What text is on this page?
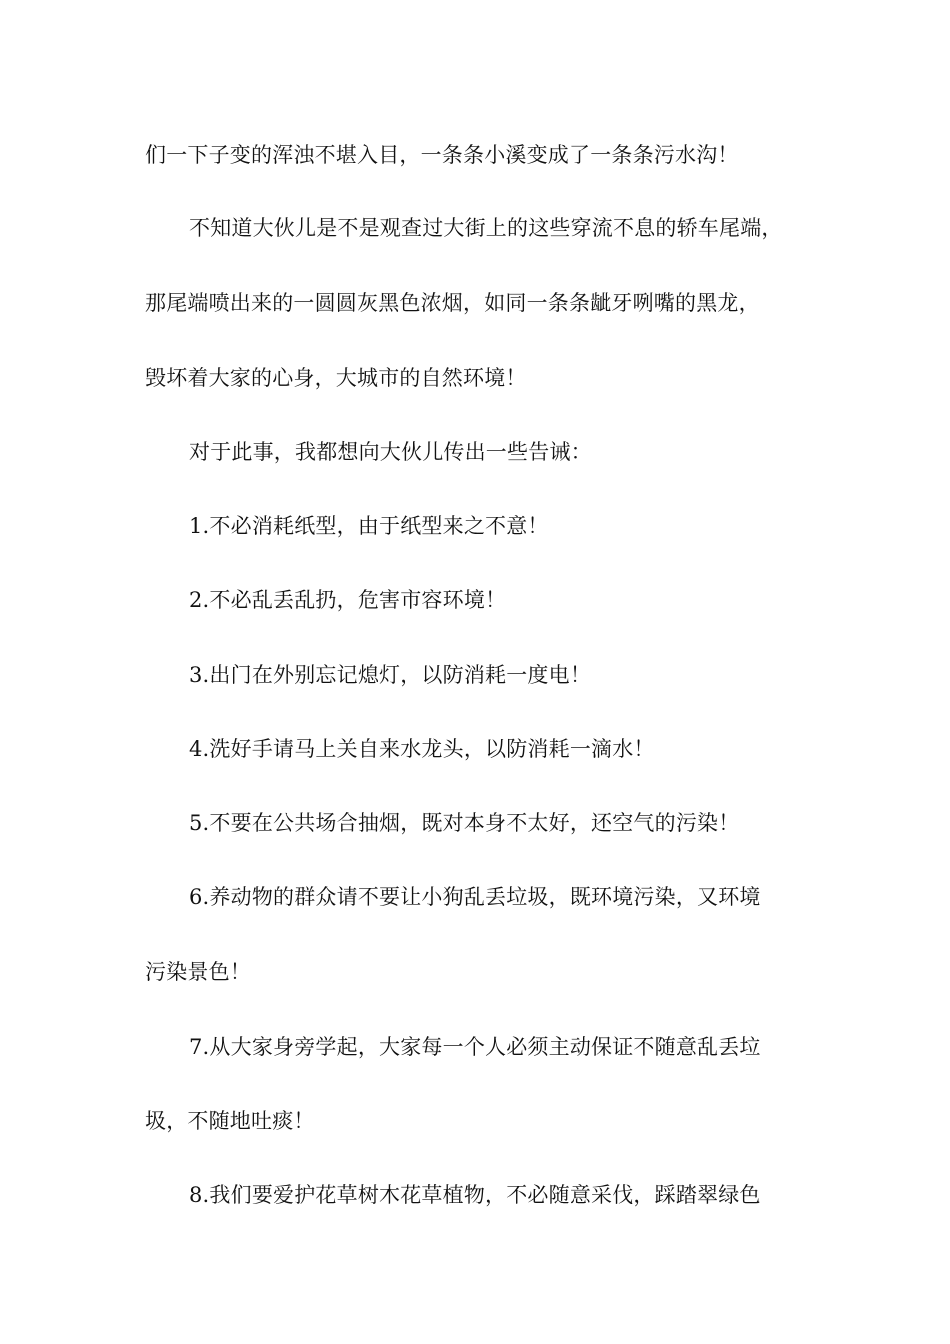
们一下子变的浑浊不堪入目，一条条小溪变成了一条条污水沟！
不知道大伙儿是不是观查过大街上的这些穿流不息的轿车尾端，
那尾端喷出来的一圆圆灰黑色浓烟，如同一条条龇牙咧嘴的黑龙，
毁坏着大家的心身，大城市的自然环境！
对于此事，我都想向大伙儿传出一些告诫：
1.不必消耗纸型，由于纸型来之不意！
2.不必乱丢乱扔，危害市容环境！
3.出门在外别忘记熄灯，以防消耗一度电！
4.洗好手请马上关自来水龙头，以防消耗一滴水！
5.不要在公共场合抽烟，既对本身不太好，还空气的污染！
6.养动物的群众请不要让小狗乱丢垃圾，既环境污染，又环境
污染景色！
7.从大家身旁学起，大家每一个人必须主动保证不随意乱丢垃
圾，不随地吐痰！
8.我们要爱护花草树木花草植物，不必随意采伐，踩踏翠绿色
